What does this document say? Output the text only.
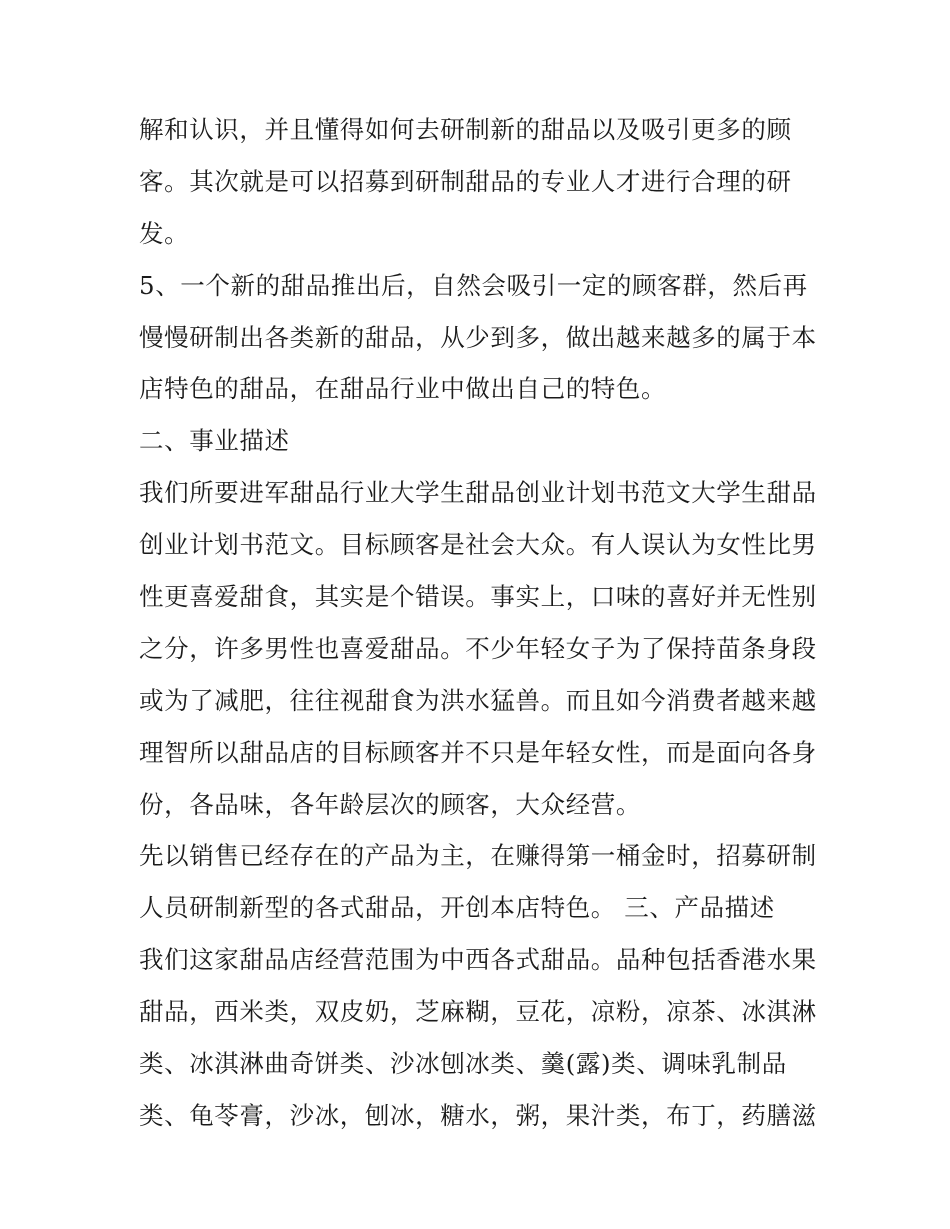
解和认识，并且懂得如何去研制新的甜品以及吸引更多的顾
客。其次就是可以招募到研制甜品的专业人才进行合理的研
发。
5、一个新的甜品推出后，自然会吸引一定的顾客群，然后再
慢慢研制出各类新的甜品，从少到多，做出越来越多的属于本
店特色的甜品，在甜品行业中做出自己的特色。
二、事业描述
我们所要进军甜品行业大学生甜品创业计划书范文大学生甜品
创业计划书范文。目标顾客是社会大众。有人误认为女性比男
性更喜爱甜食，其实是个错误。事实上，口味的喜好并无性别
之分，许多男性也喜爱甜品。不少年轻女子为了保持苗条身段
或为了减肥，往往视甜食为洪水猛兽。而且如今消费者越来越
理智所以甜品店的目标顾客并不只是年轻女性，而是面向各身
份，各品味，各年龄层次的顾客，大众经营。
先以销售已经存在的产品为主，在赚得第一桶金时，招募研制
人员研制新型的各式甜品，开创本店特色。 三、产品描述
我们这家甜品店经营范围为中西各式甜品。品种包括香港水果
甜品，西米类，双皮奶，芝麻糊，豆花，凉粉，凉茶、冰淇淋
类、冰淇淋曲奇饼类、沙冰刨冰类、羹(露)类、调味乳制品
类、龟苓膏，沙冰，刨冰，糖水，粥，果汁类，布丁，药膳滋
